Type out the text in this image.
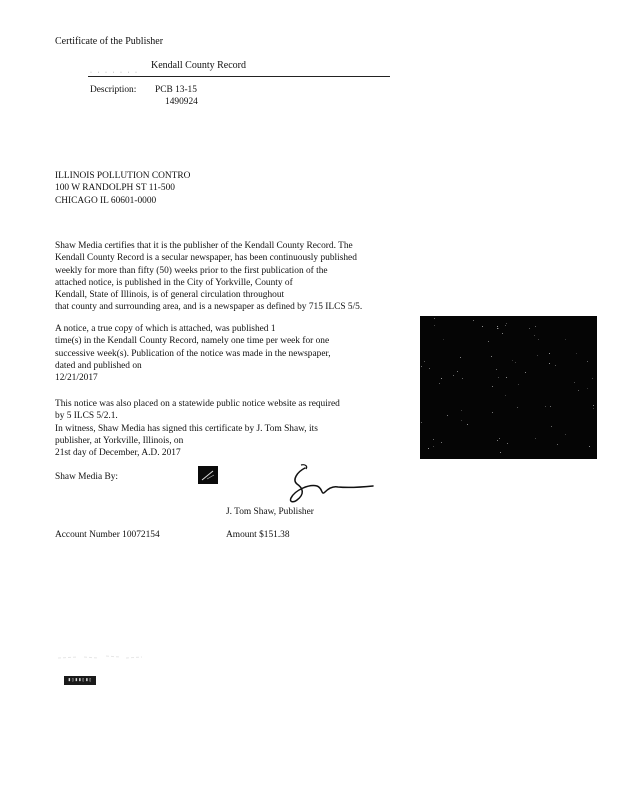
Certificate of the Publisher
Kendall County Record
· · · · · · ·
Description: PCB 13-15
1490924
ILLINOIS POLLUTION CONTRO
100 W RANDOLPH ST 11-500
CHICAGO IL 60601-0000
Shaw Media certifies that it is the publisher of the Kendall County Record. The
Kendall County Record is a secular newspaper, has been continuously published
weekly for more than fifty (50) weeks prior to the first publication of the
attached notice, is published in the City of Yorkville, County of
Kendall, State of Illinois, is of general circulation throughout
that county and surrounding area, and is a newspaper as defined by 715 ILCS 5/5.
A notice, a true copy of which is attached, was published 1
time(s) in the Kendall County Record, namely one time per week for one
successive week(s). Publication of the notice was made in the newspaper,
dated and published on
12/21/2017
This notice was also placed on a statewide public notice website as required
by 5 ILCS 5/2.1.
In witness, Shaw Media has signed this certificate by J. Tom Shaw, its
publisher, at Yorkville, Illinois, on
21st day of December, A.D. 2017
Shaw Media By:
J. Tom Shaw, Publisher
Account Number 10072154	Amount $151.38
▮▯▮▮▯▮▯
